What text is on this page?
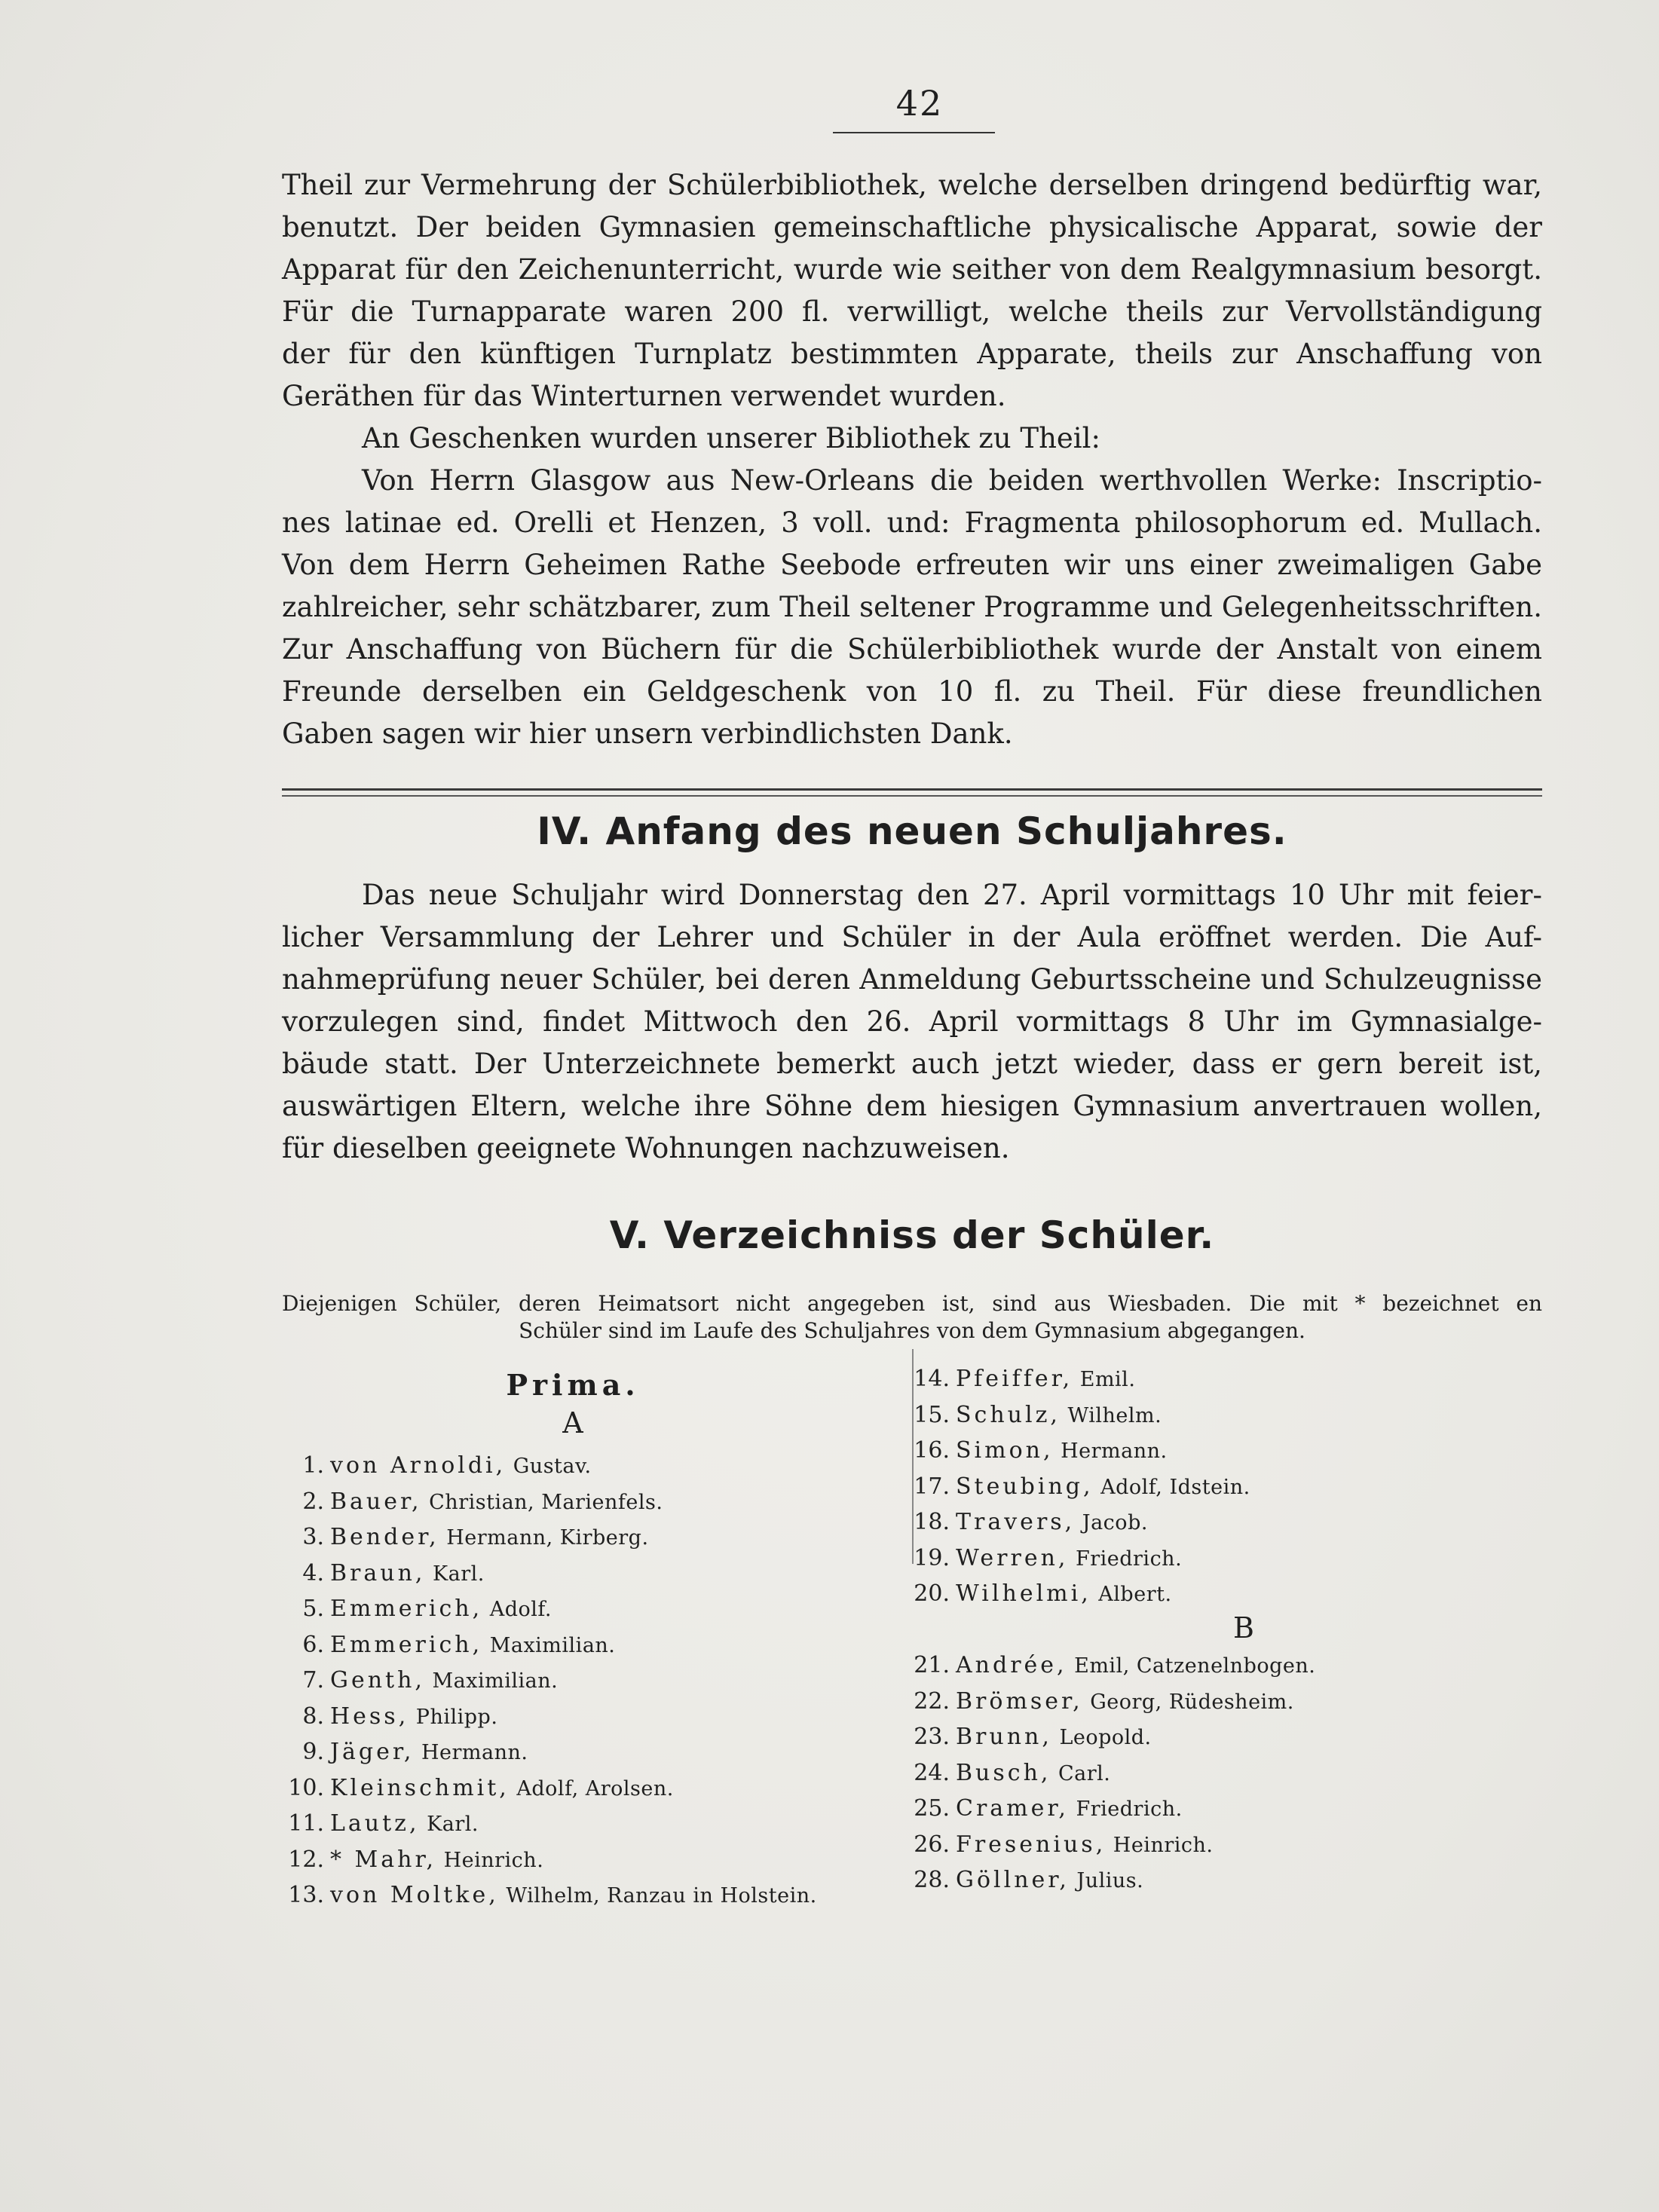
42

Theil zur Vermehrung der Schülerbibliothek, welche derselben dringend bedürftig war,

benutzt. Der beiden Gymnasien gemeinschaftliche physicalische Apparat, sowie der

Apparat für den Zeichenunterricht, wurde wie seither von dem Realgymnasium besorgt.

Für die Turnapparate waren 200 fl. verwilligt, welche theils zur Vervollständigung

der für den künftigen Turnplatz bestimmten Apparate, theils zur Anschaffung von

Geräthen für das Winterturnen verwendet wurden.

An Geschenken wurden unserer Bibliothek zu Theil:

Von Herrn Glasgow aus New-Orleans die beiden werthvollen Werke: Inscriptio-

nes latinae ed. Orelli et Henzen, 3 voll. und: Fragmenta philosophorum ed. Mullach.

Von dem Herrn Geheimen Rathe Seebode erfreuten wir uns einer zweimaligen Gabe

zahlreicher, sehr schätzbarer, zum Theil seltener Programme und Gelegenheitsschriften.

Zur Anschaffung von Büchern für die Schülerbibliothek wurde der Anstalt von einem

Freunde derselben ein Geldgeschenk von 10 fl. zu Theil. Für diese freundlichen

Gaben sagen wir hier unsern verbindlichsten Dank.

IV. Anfang des neuen Schuljahres.

Das neue Schuljahr wird Donnerstag den 27. April vormittags 10 Uhr mit feier-

licher Versammlung der Lehrer und Schüler in der Aula eröffnet werden. Die Auf-

nahmeprüfung neuer Schüler, bei deren Anmeldung Geburtsscheine und Schulzeugnisse

vorzulegen sind, findet Mittwoch den 26. April vormittags 8 Uhr im Gymnasialge-

bäude statt. Der Unterzeichnete bemerkt auch jetzt wieder, dass er gern bereit ist,

auswärtigen Eltern, welche ihre Söhne dem hiesigen Gymnasium anvertrauen wollen,

für dieselben geeignete Wohnungen nachzuweisen.

V. Verzeichniss der Schüler.
Diejenigen Schüler, deren Heimatsort nicht angegeben ist, sind aus Wiesbaden. Die mit * bezeichnet en
Schüler sind im Laufe des Schuljahres von dem Gymnasium abgegangen.
Prima.
A
1. von Arnoldi, Gustav.
2. Bauer, Christian, Marienfels.
3. Bender, Hermann, Kirberg.
4. Braun, Karl.
5. Emmerich, Adolf.
6. Emmerich, Maximilian.
7. Genth, Maximilian.
8. Hess, Philipp.
9. Jäger, Hermann.
10. Kleinschmit, Adolf, Arolsen.
11. Lautz, Karl.
12. * Mahr, Heinrich.
13. von Moltke, Wilhelm, Ranzau in Holstein.
14. Pfeiffer, Emil.
15. Schulz, Wilhelm.
16. Simon, Hermann.
17. Steubing, Adolf, Idstein.
18. Travers, Jacob.
19. Werren, Friedrich.
20. Wilhelmi, Albert.
B
21. Andrée, Emil, Catzenelnbogen.
22. Brömser, Georg, Rüdesheim.
23. Brunn, Leopold.
24. Busch, Carl.
25. Cramer, Friedrich.
26. Fresenius, Heinrich.
28. Göllner, Julius.
